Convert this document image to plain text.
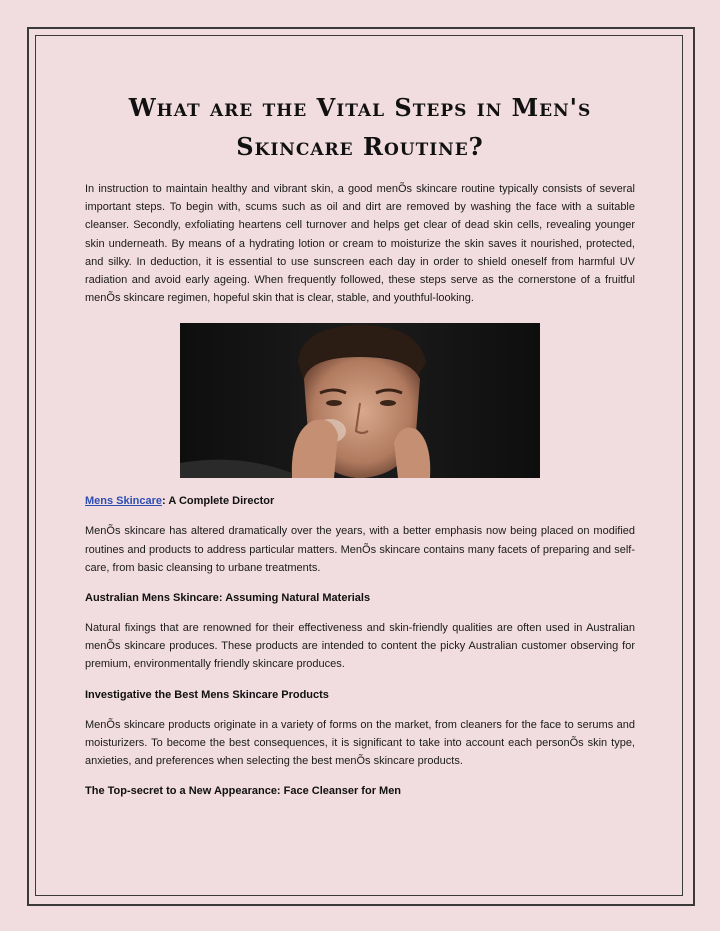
What are the Vital Steps in Men's
Skincare Routine?

In instruction to maintain healthy and vibrant skin, a good menÕs skincare routine typically consists of several important steps. To begin with, scums such as oil and dirt are removed by washing the face with a suitable cleanser. Secondly, exfoliating heartens cell turnover and helps get clear of dead skin cells, revealing younger skin underneath. By means of a hydrating lotion or cream to moisturize the skin saves it nourished, protected, and silky. In deduction, it is essential to use sunscreen each day in order to shield oneself from harmful UV radiation and avoid early ageing. When frequently followed, these steps serve as the cornerstone of a fruitful menÕs skincare regimen, hopeful skin that is clear, stable, and youthful-looking.

Mens Skincare: A Complete Director

MenÕs skincare has altered dramatically over the years, with a better emphasis now being placed on modified routines and products to address particular matters. MenÕs skincare contains many facets of preparing and self-care, from basic cleansing to urbane treatments.

Australian Mens Skincare: Assuming Natural Materials

Natural fixings that are renowned for their effectiveness and skin-friendly qualities are often used in Australian menÕs skincare produces. These products are intended to content the picky Australian customer observing for premium, environmentally friendly skincare produces.

Investigative the Best Mens Skincare Products

MenÕs skincare products originate in a variety of forms on the market, from cleaners for the face to serums and moisturizers. To become the best consequences, it is significant to take into account each personÕs skin type, anxieties, and preferences when selecting the best menÕs skincare products.

The Top-secret to a New Appearance: Face Cleanser for Men
